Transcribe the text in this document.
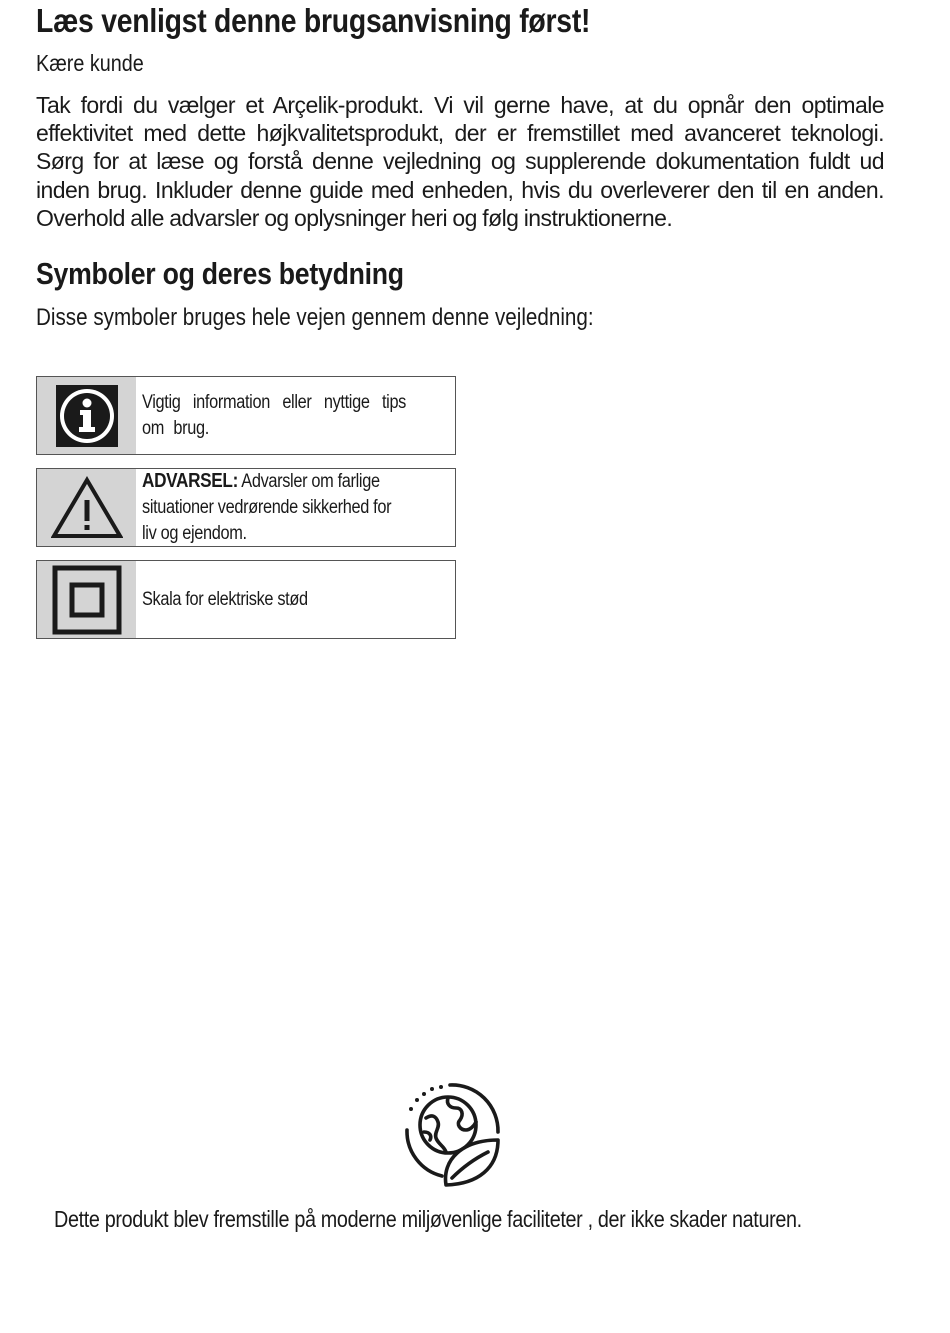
Læs venligst denne brugsanvisning først!

Kære kunde

Tak fordi du vælger et Arçelik-produkt. Vi vil gerne have, at du opnår den optimale effektivitet med dette højkvalitetsprodukt, der er fremstillet med avanceret teknologi. Sørg for at læse og forstå denne vejledning og supplerende dokumentation fuldt ud inden brug. Inkluder denne guide med enheden, hvis du overleverer den til en anden. Overhold alle advarsler og oplysninger heri og følg instruktionerne.

Symboler og deres betydning

Disse symboler bruges hele vejen gennem denne vejledning:

Vigtig information eller nyttige tips om brug.
ADVARSEL: Advarsler om farlige situationer vedrørende sikkerhed for liv og ejendom.
Skala for elektriske stød

Dette produkt blev fremstille på moderne miljøvenlige faciliteter , der ikke skader naturen.
